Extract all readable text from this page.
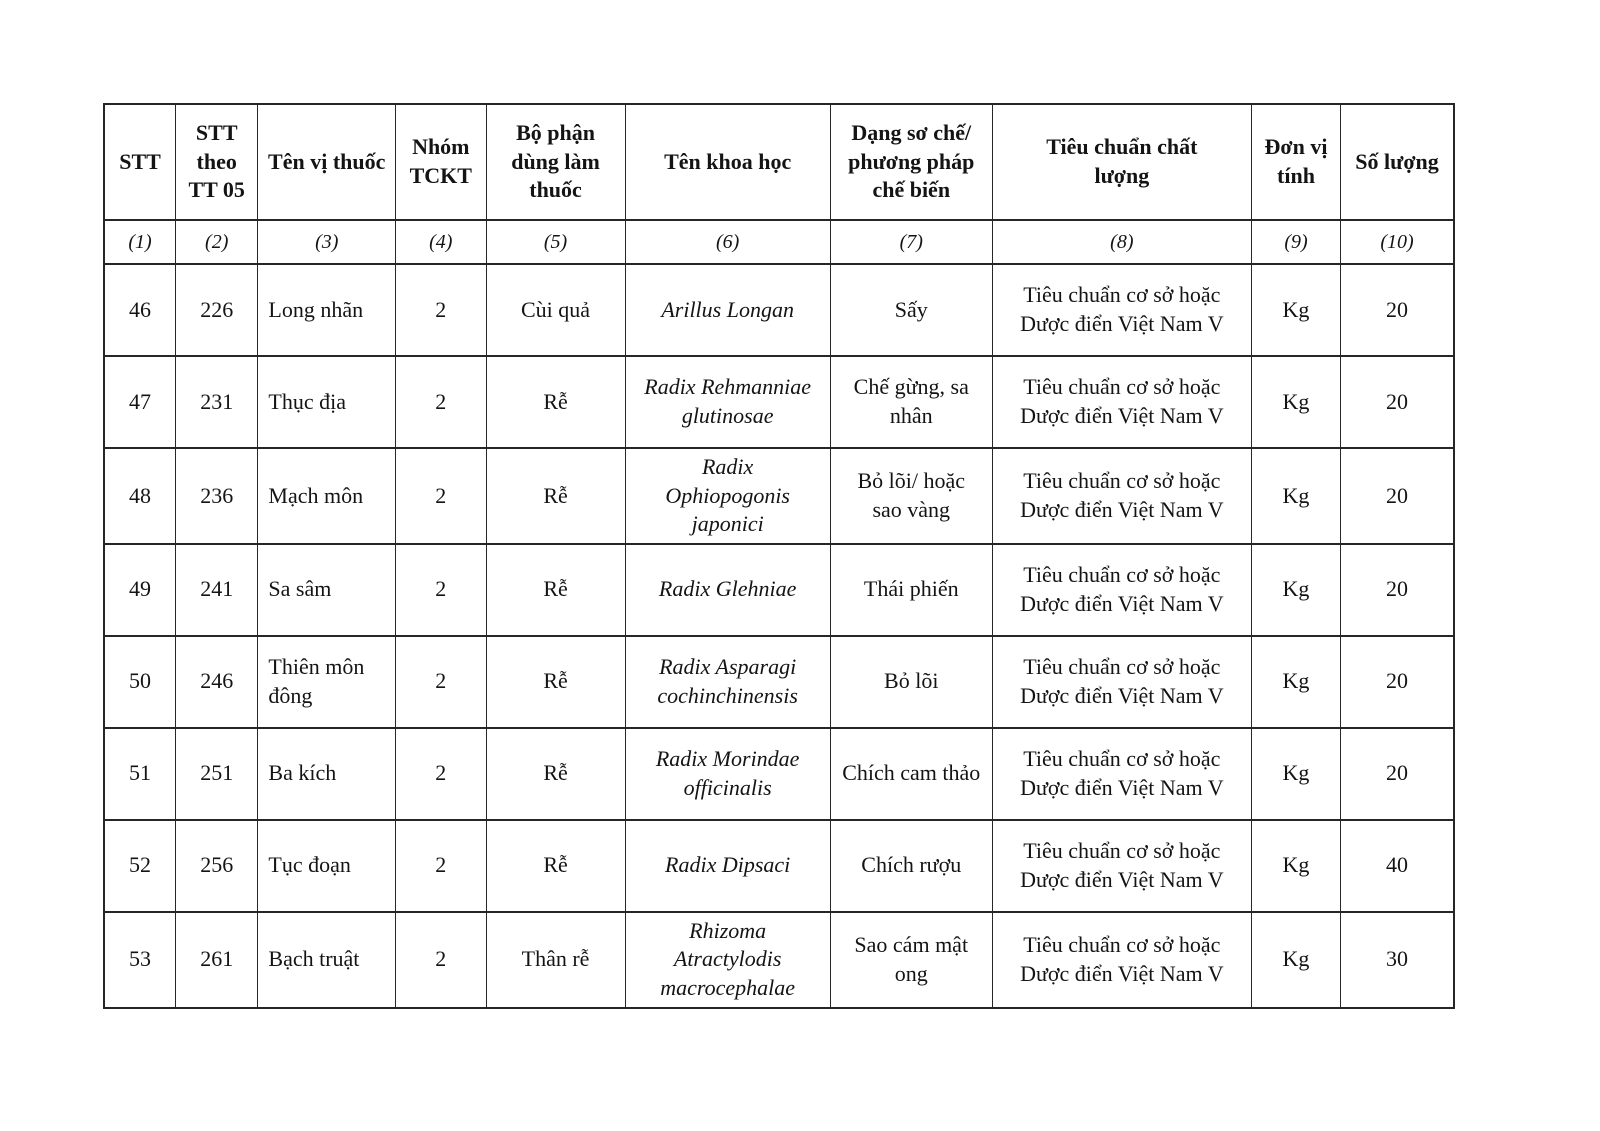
STT	STT theo TT 05	Tên vị thuốc	Nhóm TCKT	Bộ phận dùng làm thuốc	Tên khoa học	Dạng sơ chế/ phương pháp chế biến	Tiêu chuẩn chất lượng	Đơn vị tính	Số lượng
(1)	(2)	(3)	(4)	(5)	(6)	(7)	(8)	(9)	(10)
46	226	Long nhãn	2	Cùi quả	Arillus Longan	Sấy	Tiêu chuẩn cơ sở hoặc Dược điển Việt Nam V	Kg	20
47	231	Thục địa	2	Rễ	Radix Rehmanniae glutinosae	Chế gừng, sa nhân	Tiêu chuẩn cơ sở hoặc Dược điển Việt Nam V	Kg	20
48	236	Mạch môn	2	Rễ	Radix Ophiopogonis japonici	Bỏ lõi/ hoặc sao vàng	Tiêu chuẩn cơ sở hoặc Dược điển Việt Nam V	Kg	20
49	241	Sa sâm	2	Rễ	Radix Glehniae	Thái phiến	Tiêu chuẩn cơ sở hoặc Dược điển Việt Nam V	Kg	20
50	246	Thiên môn đông	2	Rễ	Radix Asparagi cochinchinensis	Bỏ lõi	Tiêu chuẩn cơ sở hoặc Dược điển Việt Nam V	Kg	20
51	251	Ba kích	2	Rễ	Radix Morindae officinalis	Chích cam thảo	Tiêu chuẩn cơ sở hoặc Dược điển Việt Nam V	Kg	20
52	256	Tục đoạn	2	Rễ	Radix Dipsaci	Chích rượu	Tiêu chuẩn cơ sở hoặc Dược điển Việt Nam V	Kg	40
53	261	Bạch truật	2	Thân rễ	Rhizoma Atractylodis macrocephalae	Sao cám mật ong	Tiêu chuẩn cơ sở hoặc Dược điển Việt Nam V	Kg	30
